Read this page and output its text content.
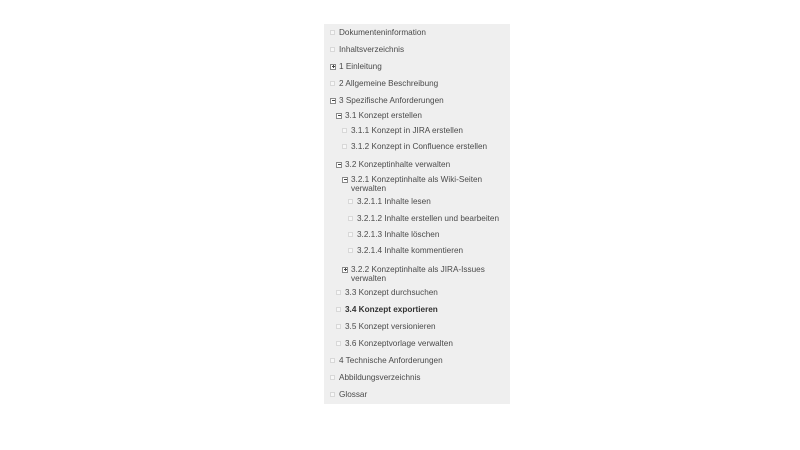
Dokumenteninformation
Inhaltsverzeichnis
1 Einleitung
2 Allgemeine Beschreibung
3 Spezifische Anforderungen
3.1 Konzept erstellen
3.1.1 Konzept in JIRA erstellen
3.1.2 Konzept in Confluence erstellen
3.2 Konzeptinhalte verwalten
3.2.1 Konzeptinhalte als Wiki-Seiten verwalten
3.2.1.1 Inhalte lesen
3.2.1.2 Inhalte erstellen und bearbeiten
3.2.1.3 Inhalte löschen
3.2.1.4 Inhalte kommentieren
3.2.2 Konzeptinhalte als JIRA-Issues verwalten
3.3 Konzept durchsuchen
3.4 Konzept exportieren
3.5 Konzept versionieren
3.6 Konzeptvorlage verwalten
4 Technische Anforderungen
Abbildungsverzeichnis
Glossar
